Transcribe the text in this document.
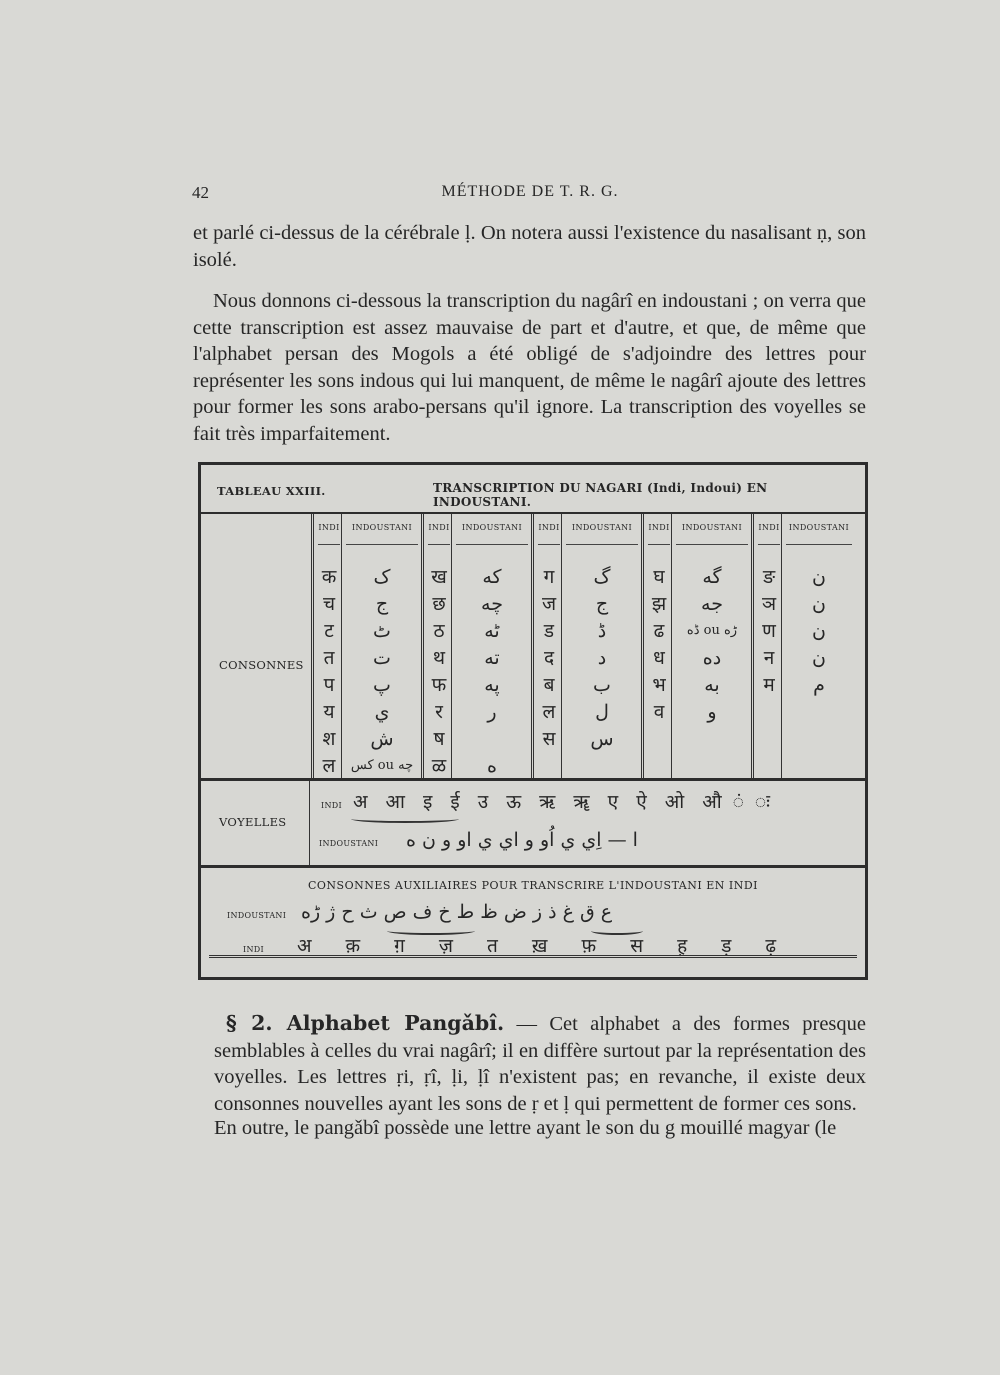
42	MÉTHODE DE T. R. G.

et parlé ci-dessus de la cérébrale ḷ. On notera aussi l'existence du nasalisant ṇ, son isolé.

Nous donnons ci-dessous la transcription du nagârî en indoustani ; on verra que cette transcription est assez mauvaise de part et d'autre, et que, de même que l'alphabet persan des Mogols a été obligé de s'adjoindre des lettres pour représenter les sons indous qui lui manquent, de même le nagârî ajoute des lettres pour former les sons arabo-persans qu'il ignore. La transcription des voyelles se fait très imparfaitement.

TABLEAU XXIII.	TRANSCRIPTION DU NAGARI (Indi, Indoui) EN INDOUSTANI.
CONSONNES
INDI
क
च
ट
त
प
य
श
ल
INDOUSTANI
ک
ج
ٹ
ت
پ
ي
ش
کس ou چه
INDI
ख
छ
ठ
थ
फ
र
ष
ळ
INDOUSTANI
که
چه
ٹه
ته
په
ر
ه
INDI
ग
ज
ड
द
ब
ल
स
INDOUSTANI
گ
ج
ڈ
د
ب
ل
س
INDI
घ
झ
ढ
ध
भ
व
INDOUSTANI
گه
جه
ڈه ou ڑه
ده
به
و
INDI
ङ
ञ
ण
न
म
INDOUSTANI
ن
ن
ن
ن
م
VOYELLES
INDI अ आ इ ई उ ऊ ऋ ॠ ए ऐ ओ औ ं ः
INDOUSTANI ا — اِي ي اُو و اي ي او و ن ه
CONSONNES AUXILIAIRES POUR TRANSCRIRE L'INDOUSTANI EN INDI
INDOUSTANI ع ق غ ذ ز ض ظ ط خ ف ص ث ح ژ ڑه
INDI अ क़ ग़ ज़ त ख़ फ़ स ह़ ड़ ढ़

§ 2. Alphabet Pangǎbî. — Cet alphabet a des formes presque semblables à celles du vrai nagârî; il en diffère surtout par la représentation des voyelles. Les lettres ṛi, ṛî, ḷi, ḷî n'existent pas; en revanche, il existe deux consonnes nouvelles ayant les sons de ṛ et ḷ qui permettent de former ces sons.

En outre, le pangǎbî possède une lettre ayant le son du g mouillé magyar (le
